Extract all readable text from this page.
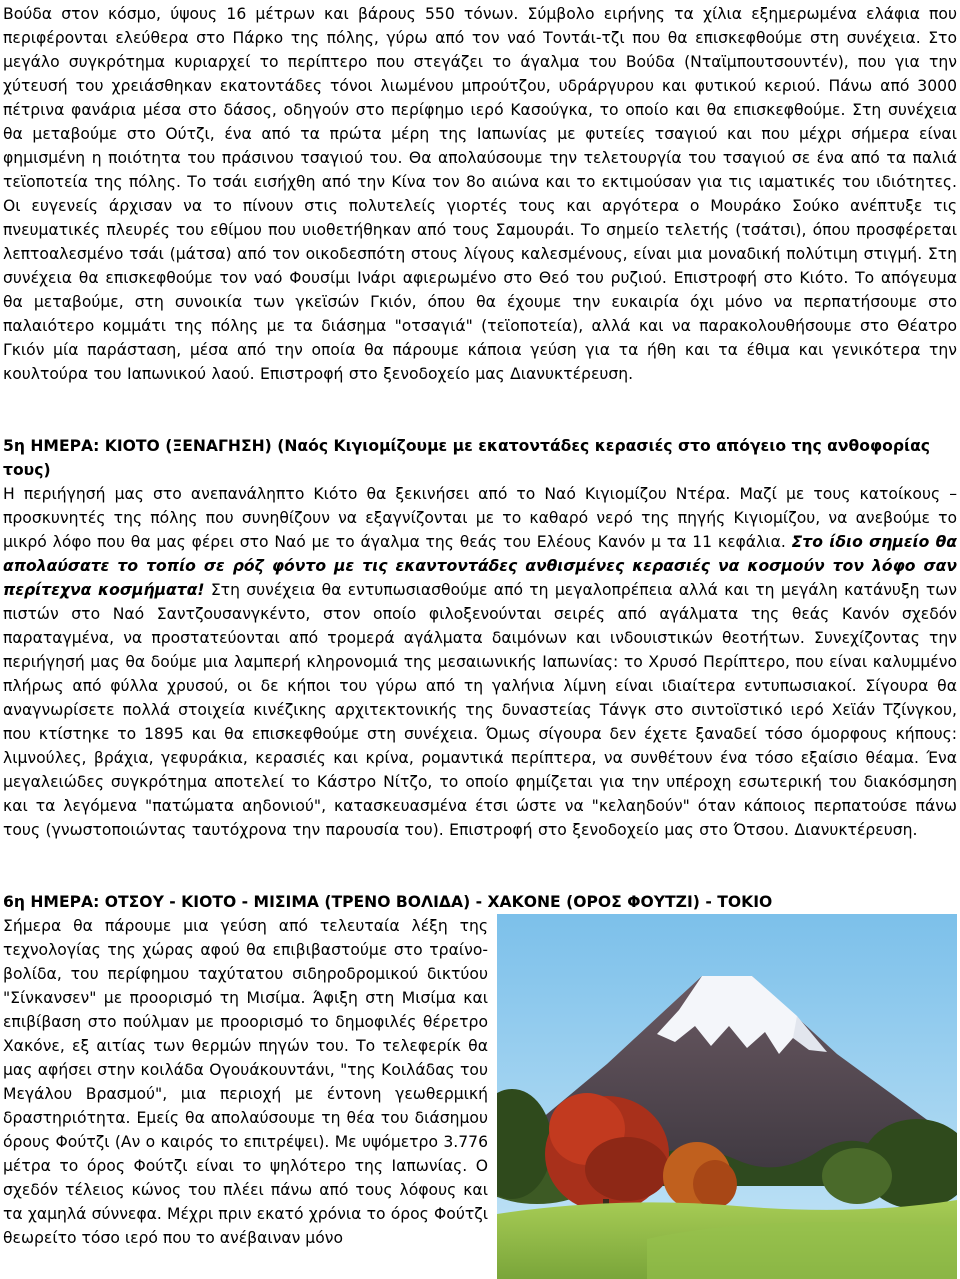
Βούδα στον κόσμο, ύψους 16 μέτρων και βάρους 550 τόνων. Σύμβολο ειρήνης τα χίλια εξημερωμένα ελάφια που περιφέρονται ελεύθερα στο Πάρκο της πόλης, γύρω από τον ναό Τοντάι-τζι που θα επισκεφθούμε στη συνέχεια. Στο μεγάλο συγκρότημα κυριαρχεί το περίπτερο που στεγάζει το άγαλμα του Βούδα (Νταϊμπουτσουντέν), που για την χύτευσή του χρειάσθηκαν εκατοντάδες τόνοι λιωμένου μπρούτζου, υδράργυρου και φυτικού κεριού. Πάνω από 3000 πέτρινα φανάρια μέσα στο δάσος, οδηγούν στο περίφημο ιερό Κασούγκα, το οποίο και θα επισκεφθούμε. Στη συνέχεια θα μεταβούμε στο Ούτζι, ένα από τα πρώτα μέρη της Ιαπωνίας με φυτείες τσαγιού και που μέχρι σήμερα είναι φημισμένη η ποιότητα του πράσινου τσαγιού του. Θα απολαύσουμε την τελετουργία του τσαγιού σε ένα από τα παλιά τεϊοποτεία της πόλης. Το τσάι εισήχθη από την Κίνα τον 8ο αιώνα και το εκτιμούσαν για τις ιαματικές του ιδιότητες. Οι ευγενείς άρχισαν να το πίνουν στις πολυτελείς γιορτές τους και αργότερα ο Μουράκο Σούκο ανέπτυξε τις πνευματικές πλευρές του εθίμου που υιοθετήθηκαν από τους Σαμουράι. Το σημείο τελετής (τσάτσι), όπου προσφέρεται λεπτοαλεσμένο τσάι (μάτσα) από τον οικοδεσπότη στους λίγους καλεσμένους, είναι μια μοναδική πολύτιμη στιγμή. Στη συνέχεια θα επισκεφθούμε τον ναό Φουσίμι Ινάρι αφιερωμένο στο Θεό του ρυζιού. Επιστροφή στο Κιότο. Το απόγευμα θα μεταβούμε, στη συνοικία των γκεϊσών Γκιόν, όπου θα έχουμε την ευκαιρία όχι μόνο να περπατήσουμε στο παλαιότερο κομμάτι της πόλης με τα διάσημα "οτσαγιά" (τεϊοποτεία), αλλά και να παρακολουθήσουμε στο Θέατρο Γκιόν μία παράσταση, μέσα από την οποία θα πάρουμε κάποια γεύση για τα ήθη και τα έθιμα και γενικότερα την κουλτούρα του Ιαπωνικού λαού. Επιστροφή στο ξενοδοχείο μας Διανυκτέρευση.

5η ΗΜΕΡΑ: ΚΙΟΤΟ (ΞΕΝΑΓΗΣΗ) (Ναός Κιγιομίζουμε με εκατοντάδες κερασιές στο απόγειο της ανθοφορίας τους)

Η περιήγησή μας στο ανεπανάληπτο Κιότο θα ξεκινήσει από το Ναό Κιγιομίζου Ντέρα. Μαζί με τους κατοίκους – προσκυνητές της πόλης που συνηθίζουν να εξαγνίζονται με το καθαρό νερό της πηγής Κιγιομίζου, να ανεβούμε το μικρό λόφο που θα μας φέρει στο Ναό με το άγαλμα της θεάς του Ελέους Κανόν μ τα 11 κεφάλια. Στο ίδιο σημείο θα απολαύσατε το τοπίο σε ρόζ φόντο με τις εκαντοντάδες ανθισμένες κερασιές να κοσμούν τον λόφο σαν περίτεχνα κοσμήματα! Στη συνέχεια θα εντυπωσιασθούμε από τη μεγαλοπρέπεια αλλά και τη μεγάλη κατάνυξη των πιστών στο Ναό Σαντζουσανγκέντο, στον οποίο φιλοξενούνται σειρές από αγάλματα της θεάς Κανόν σχεδόν παραταγμένα, να προστατεύονται από τρομερά αγάλματα δαιμόνων και ινδουιστικών θεοτήτων. Συνεχίζοντας την περιήγησή μας θα δούμε μια λαμπερή κληρονομιά της μεσαιωνικής Ιαπωνίας: το Χρυσό Περίπτερο, που είναι καλυμμένο πλήρως από φύλλα χρυσού, οι δε κήποι του γύρω από τη γαλήνια λίμνη είναι ιδιαίτερα εντυπωσιακοί. Σίγουρα θα αναγνωρίσετε πολλά στοιχεία κινέζικης αρχιτεκτονικής της δυναστείας Τάνγκ στο σιντοϊστικό ιερό Χεϊάν Τζίνγκου, που κτίστηκε το 1895 και θα επισκεφθούμε στη συνέχεια. Όμως σίγουρα δεν έχετε ξαναδεί τόσο όμορφους κήπους: λιμνούλες, βράχια, γεφυράκια, κερασιές και κρίνα, ρομαντικά περίπτερα, να συνθέτουν ένα τόσο εξαίσιο θέαμα. Ένα μεγαλειώδες συγκρότημα αποτελεί το Κάστρο Νίτζο, το οποίο φημίζεται για την υπέροχη εσωτερική του διακόσμηση και τα λεγόμενα "πατώματα αηδονιού", κατασκευασμένα έτσι ώστε να "κελαηδούν" όταν κάποιος περπατούσε πάνω τους (γνωστοποιώντας ταυτόχρονα την παρουσία του). Επιστροφή στο ξενοδοχείο μας στο Ότσου. Διανυκτέρευση.

6η ΗΜΕΡΑ: ΟΤΣΟΥ - ΚΙΟΤΟ - ΜΙΣΙΜΑ (ΤΡΕΝΟ ΒΟΛΙΔΑ) - ΧΑΚΟΝΕ (ΟΡΟΣ ΦΟΥΤΖΙ) - ΤΟΚΙΟ

Σήμερα θα πάρουμε μια γεύση από τελευταία λέξη της τεχνολογίας της χώρας αφού θα επιβιβαστούμε στο τραίνο-βολίδα, του περίφημου ταχύτατου σιδηροδρομικού δικτύου "Σίνκανσεν" με προορισμό τη Μισίμα. Άφιξη στη Μισίμα και επιβίβαση στο πούλμαν με προορισμό το δημοφιλές θέρετρο Χακόνε, εξ αιτίας των θερμών πηγών του. Το τελεφερίκ θα μας αφήσει στην κοιλάδα Ογουάκουντάνι, "της Κοιλάδας του Μεγάλου Βρασμού", μια περιοχή με έντονη γεωθερμική δραστηριότητα. Εμείς θα απολαύσουμε τη θέα του διάσημου όρους Φούτζι (Αν ο καιρός το επιτρέψει). Με υψόμετρο 3.776 μέτρα το όρος Φούτζι είναι το ψηλότερο της Ιαπωνίας. Ο σχεδόν τέλειος κώνος του πλέει πάνω από τους λόφους και τα χαμηλά σύννεφα. Μέχρι πριν εκατό χρόνια το όρος Φούτζι θεωρείτο τόσο ιερό που το ανέβαιναν μόνο
